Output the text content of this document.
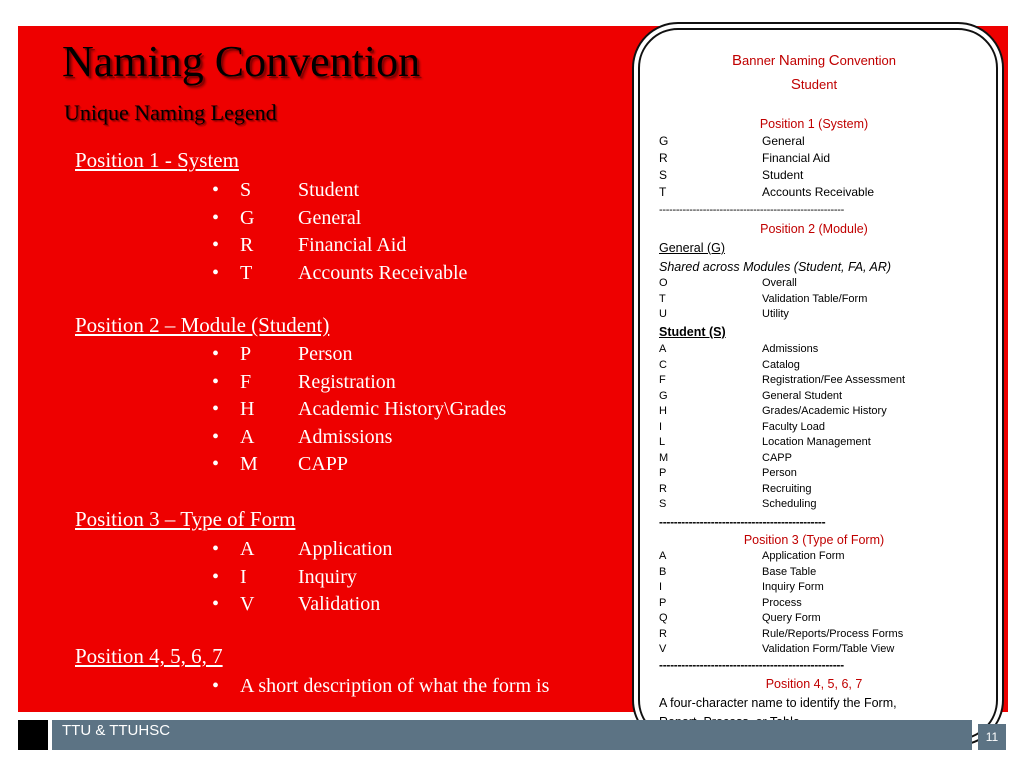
Naming Convention
Unique Naming Legend
Position 1 - System
• S Student
• G General
• R Financial Aid
• T Accounts Receivable
Position 2 – Module (Student)
• P Person
• F Registration
• H Academic History\Grades
• A Admissions
• M CAPP
Position 3 – Type of Form
• A Application
• I	Inquiry
• V Validation
Position 4, 5, 6, 7
• A short description of what the form is
Banner Naming Convention
Student
Position 1 (System)
G	General
R	Financial Aid
S	Student
T	Accounts Receivable
-------------------------------------------------------
Position 2 (Module)
General (G)
Shared across Modules (Student, FA, AR)
O	Overall
T	Validation Table/Form
U	Utility
Student (S)
A	Admissions
C	Catalog
F	Registration/Fee Assessment
G	General Student
H	Grades/Academic History
I	Faculty Load
L	Location Management
M	CAPP
P	Person
R	Recruiting
S	Scheduling
---------------------------------------------
Position 3 (Type of Form)
A	Application Form
B	Base Table
I	Inquiry Form
P	Process
Q	Query Form
R	Rule/Reports/Process Forms
V	Validation Form/Table View
--------------------------------------------------
Position 4, 5, 6, 7
A four-character name to identify the Form,
TTU & TTUHSC	11
